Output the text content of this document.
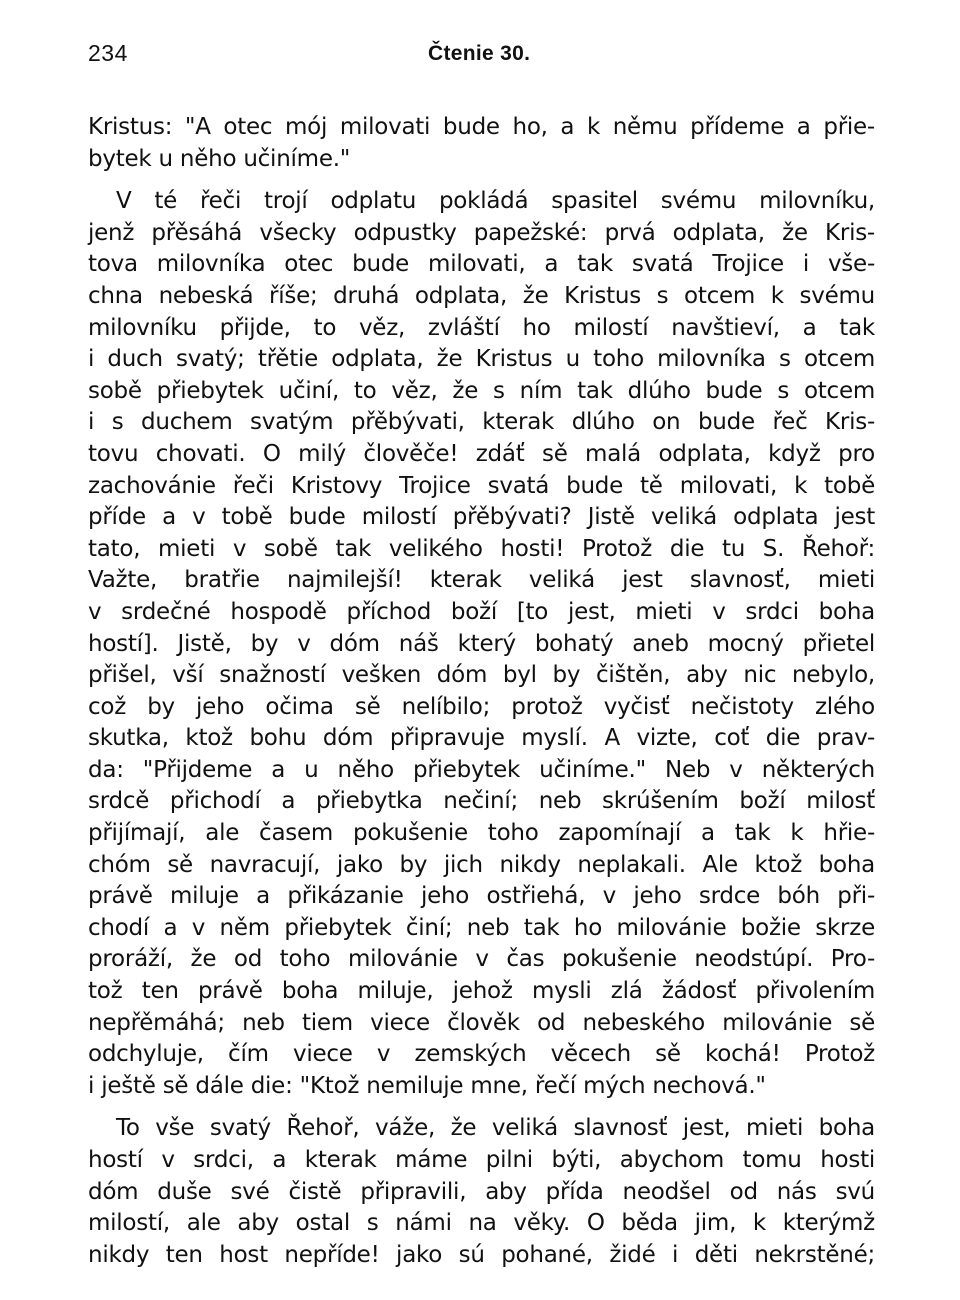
234	Čtenie 30.
Kristus: "A otec mój milovati bude ho, a k němu přídeme a přie-
bytek u něho učiníme."
V té řeči trojí odplatu pokládá spasitel svému milovníku,
jenž přěsáhá všecky odpustky papežské: prvá odplata, že Kris-
tova milovníka otec bude milovati, a tak svatá Trojice i vše-
chna nebeská říše; druhá odplata, že Kristus s otcem k svému
milovníku přijde, to věz, zvláští ho milostí navštieví, a tak
i duch svatý; třětie odplata, že Kristus u toho milovníka s otcem
sobě přiebytek učiní, to věz, že s ním tak dlúho bude s otcem
i s duchem svatým přěbývati, kterak dlúho on bude řeč Kris-
tovu chovati. O milý člověče! zdáť sě malá odplata, když pro
zachovánie řeči Kristovy Trojice svatá bude tě milovati, k tobě
příde a v tobě bude milostí přěbývati? Jistě veliká odplata jest
tato, mieti v sobě tak velikého hosti! Protož die tu S. Řehoř:
Važte, bratřie najmilejší! kterak veliká jest slavnosť, mieti
v srdečné hospodě příchod boží [to jest, mieti v srdci boha
hostí]. Jistě, by v dóm náš který bohatý aneb mocný přietel
přišel, vší snažností vešken dóm byl by čištěn, aby nic nebylo,
což by jeho očima sě nelíbilo; protož vyčisť nečistoty zlého
skutka, ktož bohu dóm připravuje myslí. A vizte, coť die prav-
da: "Přijdeme a u něho přiebytek učiníme." Neb v některých
srdcě přichodí a přiebytka nečiní; neb skrúšením boží milosť
přijímají, ale časem pokušenie toho zapomínají a tak k hřie-
chóm sě navracují, jako by jich nikdy neplakali. Ale ktož boha
právě miluje a přikázanie jeho ostřiehá, v jeho srdce bóh při-
chodí a v něm přiebytek činí; neb tak ho milovánie božie skrze
proráží, že od toho milovánie v čas pokušenie neodstúpí. Pro-
tož ten právě boha miluje, jehož mysli zlá žádosť přivolením
nepřěmáhá; neb tiem viece člověk od nebeského milovánie sě
odchyluje, čím viece v zemských věcech sě kochá! Protož
i ještě sě dále die: "Ktož nemiluje mne, řečí mých nechová."
To vše svatý Řehoř, váže, že veliká slavnosť jest, mieti boha
hostí v srdci, a kterak máme pilni býti, abychom tomu hosti
dóm duše své čistě připravili, aby přída neodšel od nás svú
milostí, ale aby ostal s námi na věky. O běda jim, k kterýmž
nikdy ten host nepříde! jako sú pohané, židé i děti nekrstěné;
